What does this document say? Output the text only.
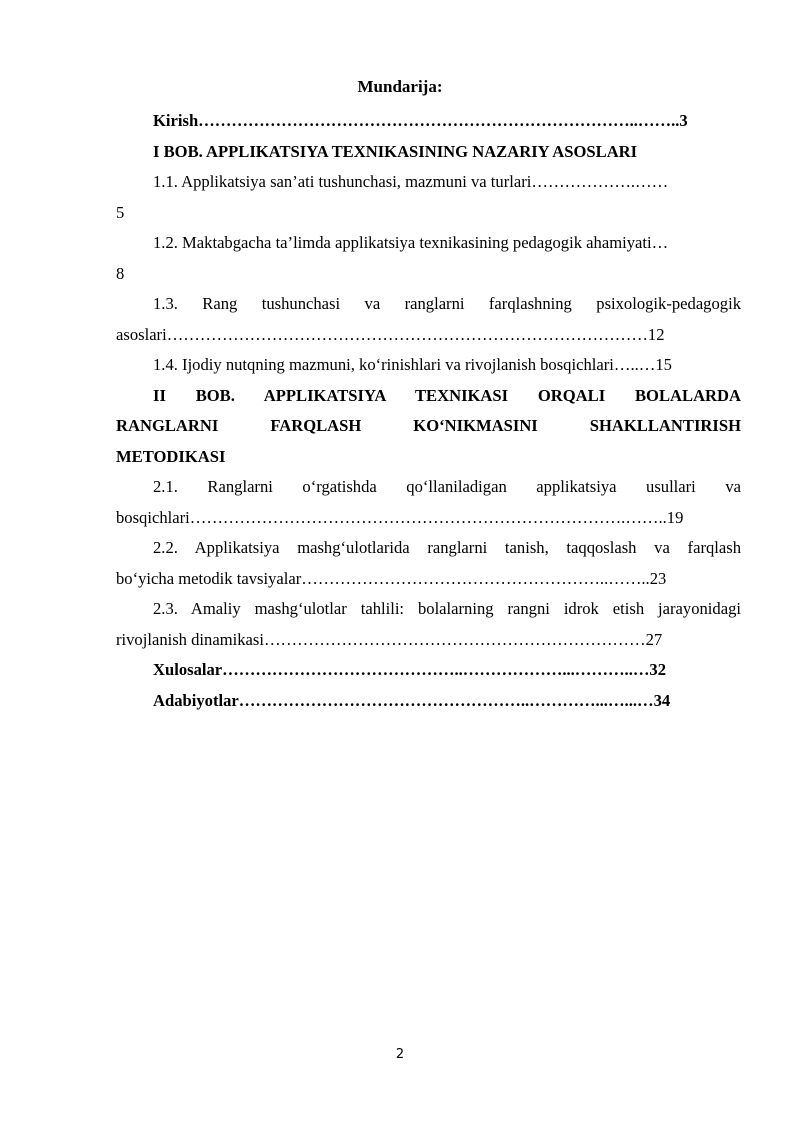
Mundarija:

Kirish……………………………………………………………………..……..3

I BOB. APPLIKATSIYA TEXNIKASINING NAZARIY ASOSLARI

1.1. Applikatsiya san’ati tushunchasi, mazmuni va turlari……………….……

5

1.2. Maktabgacha ta’limda applikatsiya texnikasining pedagogik ahamiyati…

8

1.3. Rang tushunchasi va ranglarni farqlashning psixologik-pedagogik

asoslari……………………………………………………………………………12

1.4. Ijodiy nutqning mazmuni, ko‘rinishlari va rivojlanish bosqichlari…..…15

II BOB. APPLIKATSIYA TEXNIKASI ORQALI BOLALARDA

RANGLARNI FARQLASH KO‘NIKMASINI SHAKLLANTIRISH

METODIKASI

2.1. Ranglarni o‘rgatishda qo‘llaniladigan applikatsiya usullari va

bosqichlari…………………………………………………………………….……..19

2.2. Applikatsiya mashg‘ulotlarida ranglarni tanish, taqqoslash va farqlash

bo‘yicha metodik tavsiyalar………………………………………………..……..23

2.3. Amaliy mashg‘ulotlar tahlili: bolalarning rangni idrok etish jarayonidagi

rivojlanish dinamikasi……………………………………………………………27

Xulosalar……………………………………..………………...………..…32

Adabiyotlar……………………………………………..…………...…...…34

2
